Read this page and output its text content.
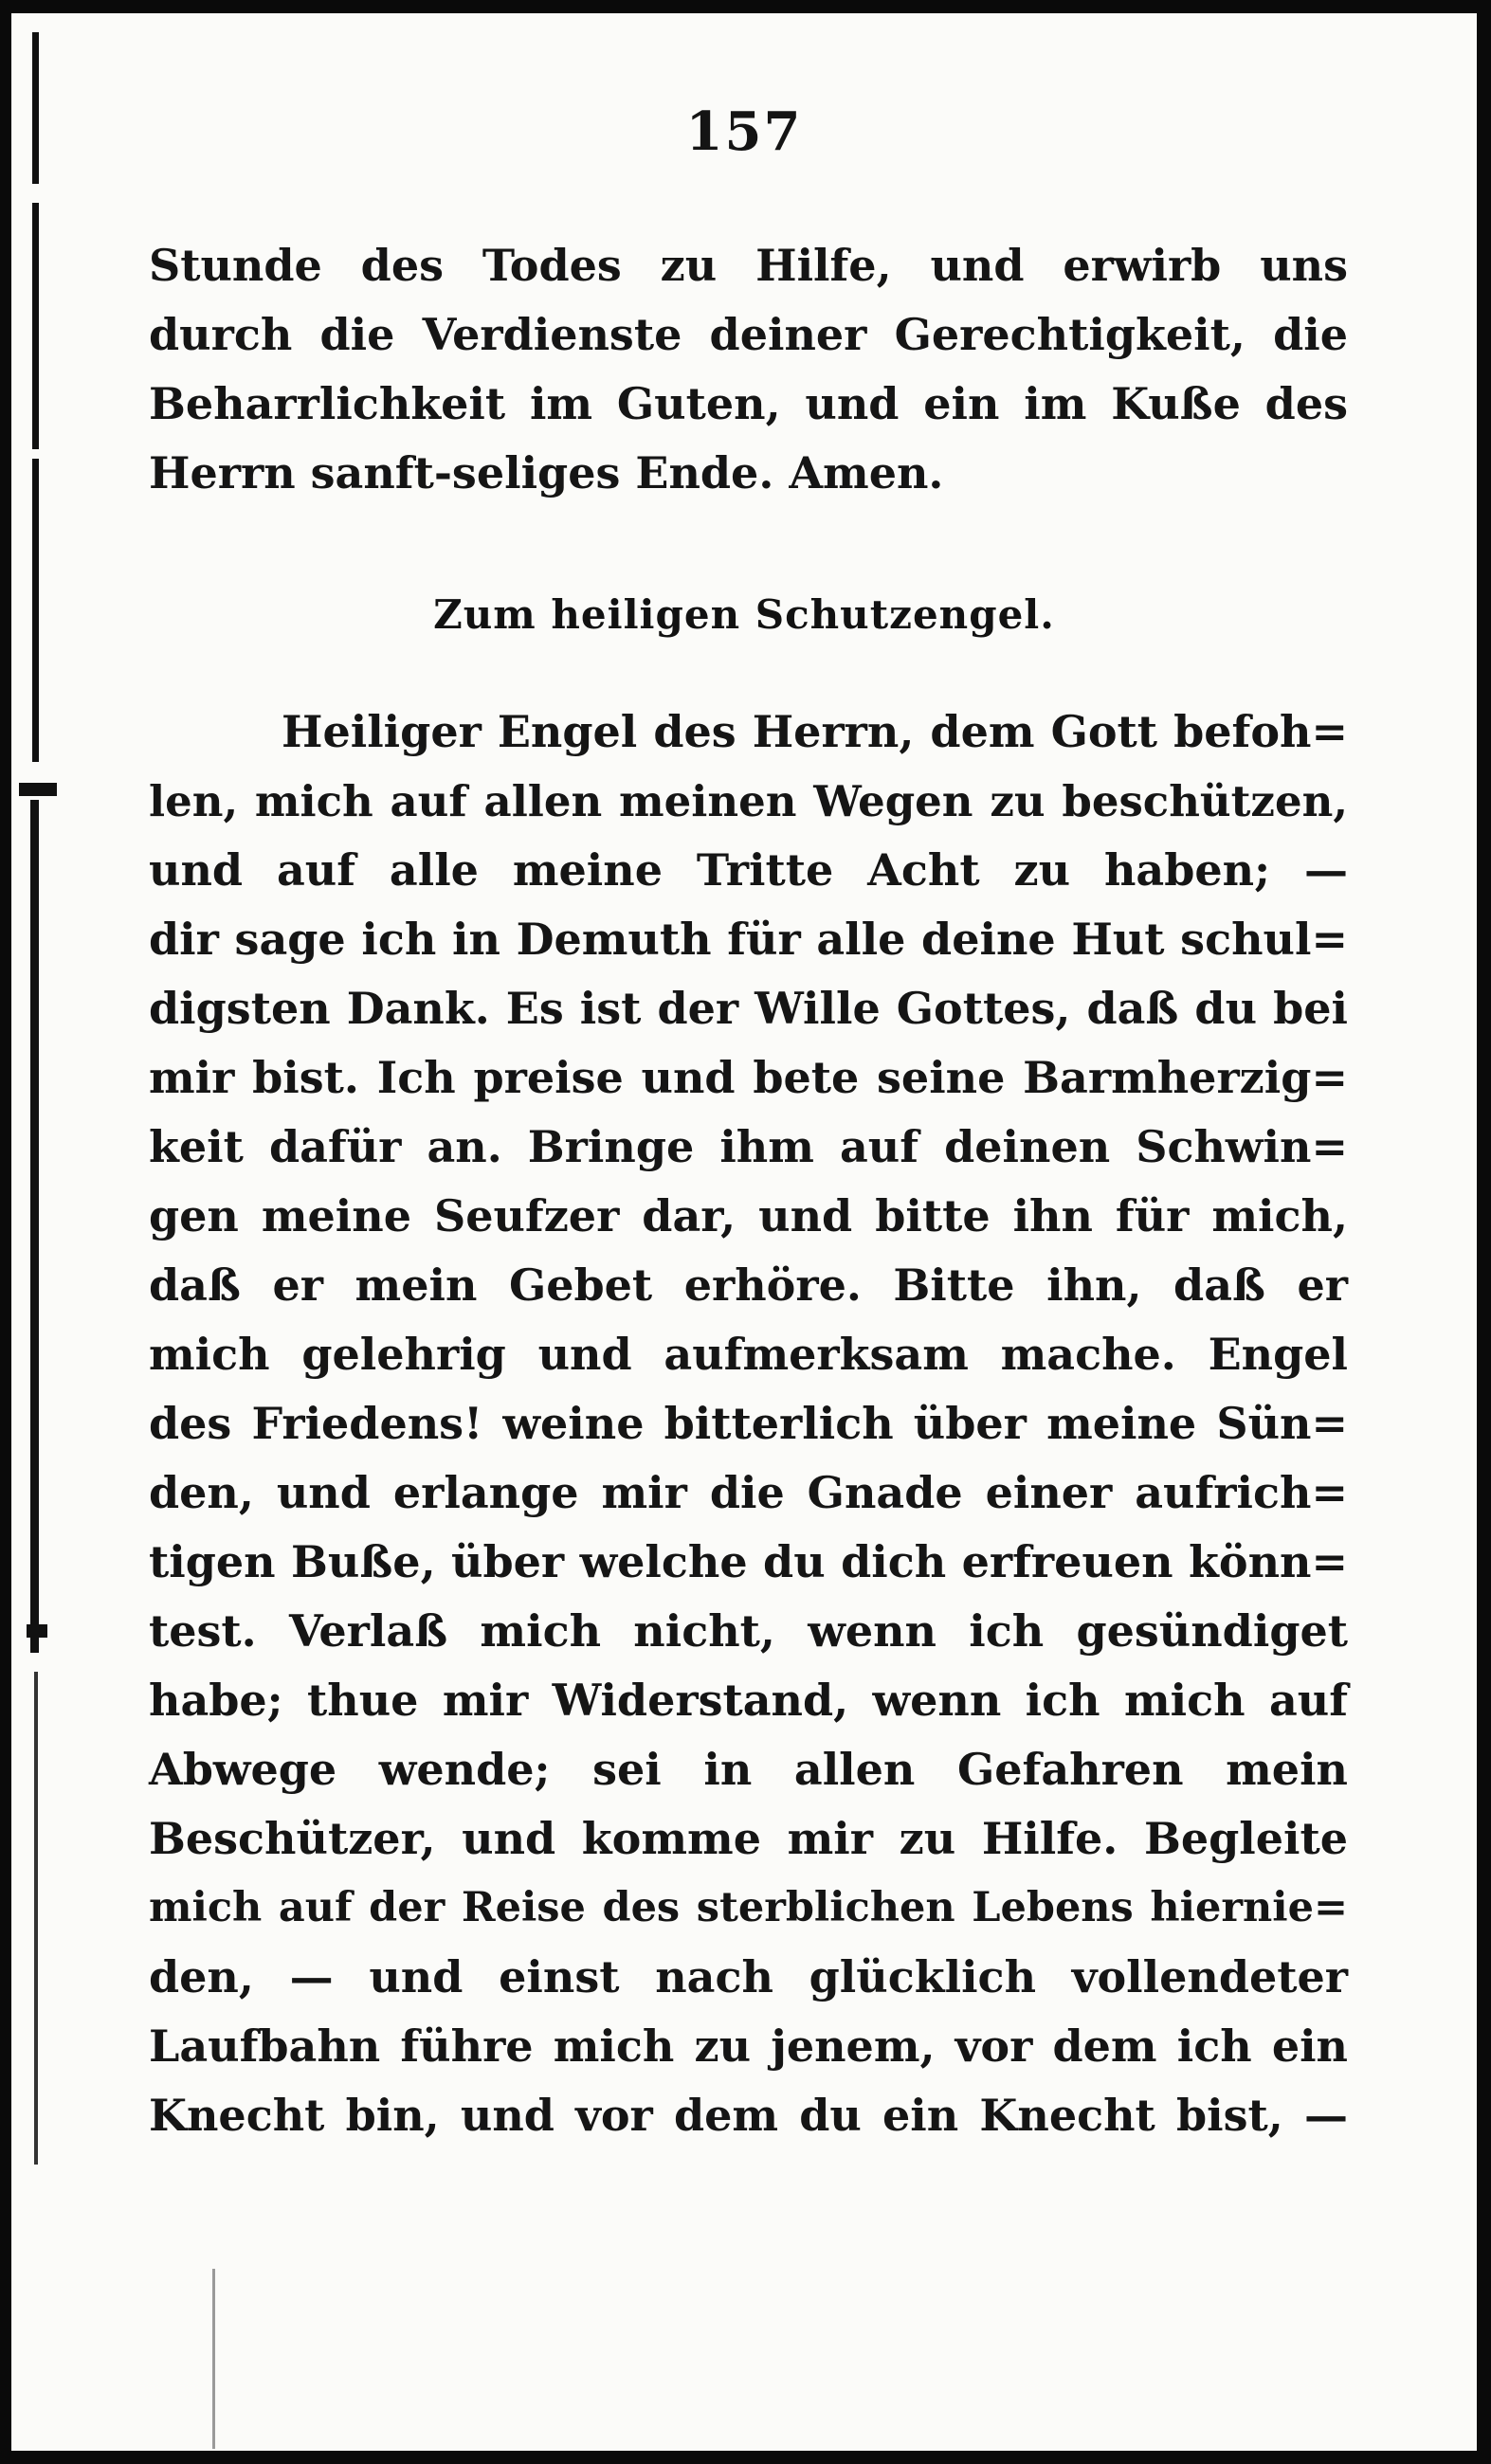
157
Stunde des Todes zu Hilfe, und erwirb uns
durch die Verdienste deiner Gerechtigkeit, die
Beharrlichkeit im Guten, und ein im Kuße des
Herrn sanft-seliges Ende. Amen.
Zum heiligen Schutzengel.
Heiliger Engel des Herrn, dem Gott befoh=
len, mich auf allen meinen Wegen zu beschützen,
und auf alle meine Tritte Acht zu haben; —
dir sage ich in Demuth für alle deine Hut schul=
digsten Dank. Es ist der Wille Gottes, daß du bei
mir bist. Ich preise und bete seine Barmherzig=
keit dafür an. Bringe ihm auf deinen Schwin=
gen meine Seufzer dar, und bitte ihn für mich,
daß er mein Gebet erhöre. Bitte ihn, daß er
mich gelehrig und aufmerksam mache. Engel
des Friedens! weine bitterlich über meine Sün=
den, und erlange mir die Gnade einer aufrich=
tigen Buße, über welche du dich erfreuen könn=
test. Verlaß mich nicht, wenn ich gesündiget
habe; thue mir Widerstand, wenn ich mich auf
Abwege wende; sei in allen Gefahren mein
Beschützer, und komme mir zu Hilfe. Begleite
mich auf der Reise des sterblichen Lebens hiernie=
den, — und einst nach glücklich vollendeter
Laufbahn führe mich zu jenem, vor dem ich ein
Knecht bin, und vor dem du ein Knecht bist, —
